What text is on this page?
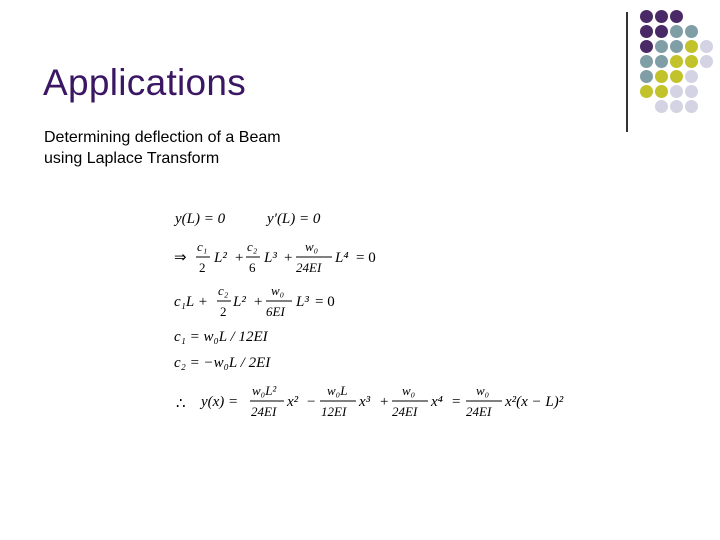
Applications
Determining deflection of a Beam
using Laplace Transform
y(L) = 0	y′(L) = 0
⇒
c₁
2
L² +
c₂
6
L³ +
w₀
24EI
L⁴ = 0
c₁L +
c₂
2
L² +
w₀
6EI
L³ = 0
c₁ = w₀L / 12EI
c₂ = −w₀L / 2EI
∴ y(x) =
w₀L²
24EI
x² −
w₀L
12EI
x³ +
w₀
24EI
x⁴ =
w₀
24EI
x²(x − L)²
